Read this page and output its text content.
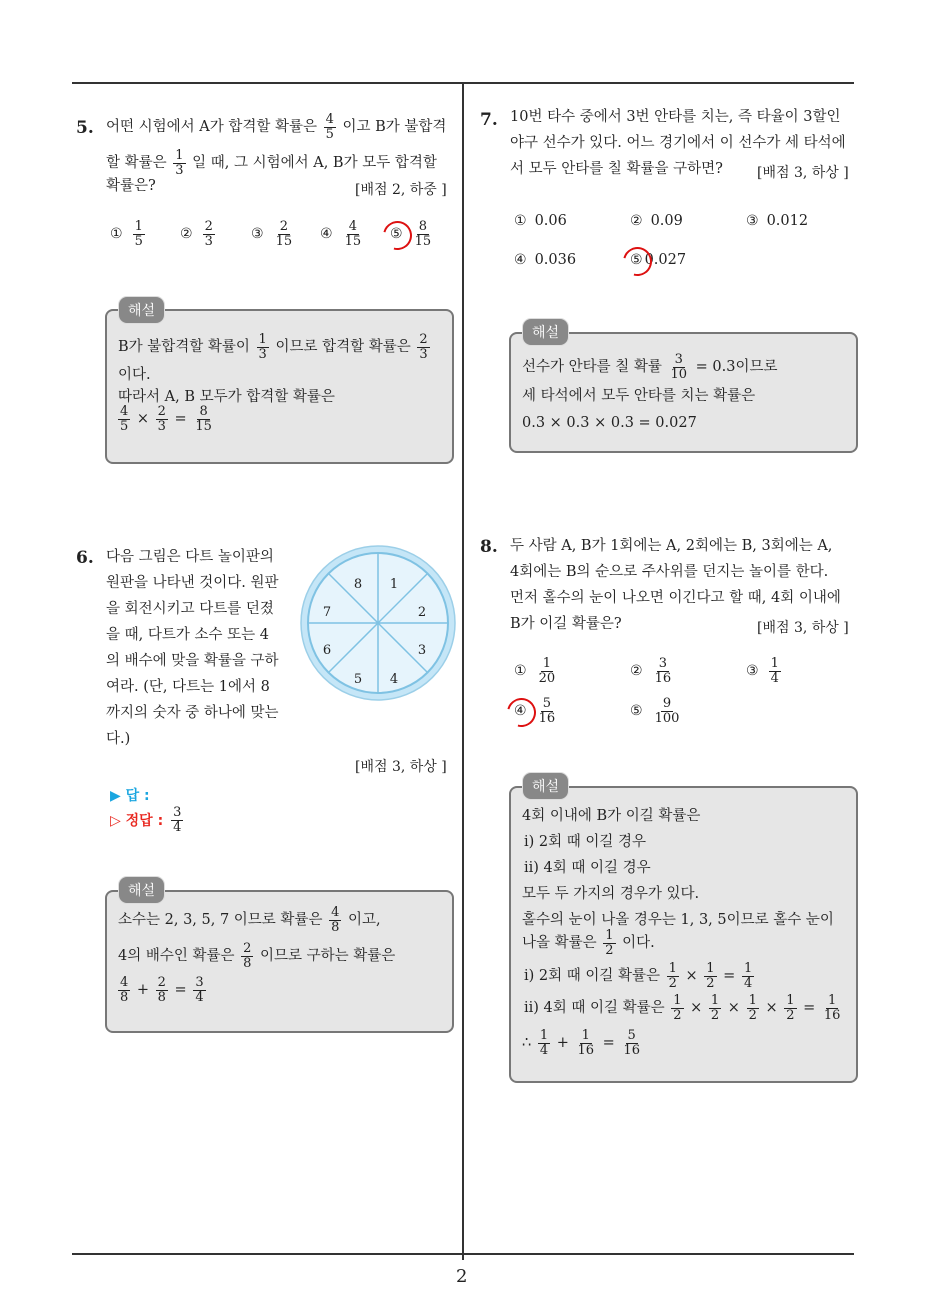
2
5. 어떤 시험에서 A가 합격할 확률은 $\frac{4}{5}$ 이고 B가 불합격
할 확률은 $\frac{1}{3}$ 일 때, 그 시험에서 A, B가 모두 합격할
확률은?	[배점 2, 하중 ]
① $\frac{1}{5}$	② $\frac{2}{3}$	③ $\frac{2}{15}$ ④ $\frac{4}{15}$ ⑤ $\frac{8}{15}$
해설
B가 불합격할 확률이 $\frac{1}{3}$ 이므로 합격할 확률은 $\frac{2}{3}$
이다.
따라서 A, B 모두가 합격할 확률은
$\frac{4}{5} \times \frac{2}{3} = \frac{8}{15}$
6. 다음 그림은 다트 놀이판의
원판을 나타낸 것이다. 원판
을 회전시키고 다트를 던졌
을 때, 다트가 소수 또는 4
의 배수에 맞을 확률을 구하
여라. (단, 다트는 1에서 8
까지의 숫자 중 하나에 맞는
다.)
[배점 3, 하상 ]
8 1
2
3
4
5
6
7
▶ 답 :
▷ 정답 : $\frac{3}{4}$
해설
소수는 2, 3, 5, 7 이므로 확률은 $\frac{4}{8}$ 이고,
4의 배수인 확률은 $\frac{2}{8}$ 이므로 구하는 확률은
$\frac{4}{8} + \frac{2}{8} = \frac{3}{4}$
7. 10번 타수 중에서 3번 안타를 치는, 즉 타율이 3할인
야구 선수가 있다. 어느 경기에서 이 선수가 세 타석에
서 모두 안타를 칠 확률을 구하면? [배점 3, 하상 ]
① 0.06	② 0.09	③ 0.012
④ 0.036	⑤ 0.027
해설
선수가 안타를 칠 확률 $\frac{3}{10} = 0.3$이므로
세 타석에서 모두 안타를 치는 확률은
0.3 × 0.3 × 0.3 = 0.027
8. 두 사람 A, B가 1회에는 A, 2회에는 B, 3회에는 A,
4회에는 B의 순으로 주사위를 던지는 놀이를 한다.
먼저 홀수의 눈이 나오면 이긴다고 할 때, 4회 이내에
B가 이길 확률은?	[배점 3, 하상 ]
① $\frac{1}{20}$	② $\frac{3}{16}$	③ $\frac{1}{4}$
④ $\frac{5}{16}$	⑤ $\frac{9}{100}$
해설
4회 이내에 B가 이길 확률은
ⅰ) 2회 때 이길 경우
ⅱ) 4회 때 이길 경우
모두 두 가지의 경우가 있다.
홀수의 눈이 나올 경우는 1, 3, 5이므로 홀수 눈이
나올 확률은 $\frac{1}{2}$ 이다.
ⅰ) 2회 때 이길 확률은 $\frac{1}{2} \times \frac{1}{2} = \frac{1}{4}$
ⅱ) 4회 때 이길 확률은 $\frac{1}{2} \times \frac{1}{2} \times \frac{1}{2} \times \frac{1}{2} = \frac{1}{16}$
∴ $\frac{1}{4} + \frac{1}{16} = \frac{5}{16}$
